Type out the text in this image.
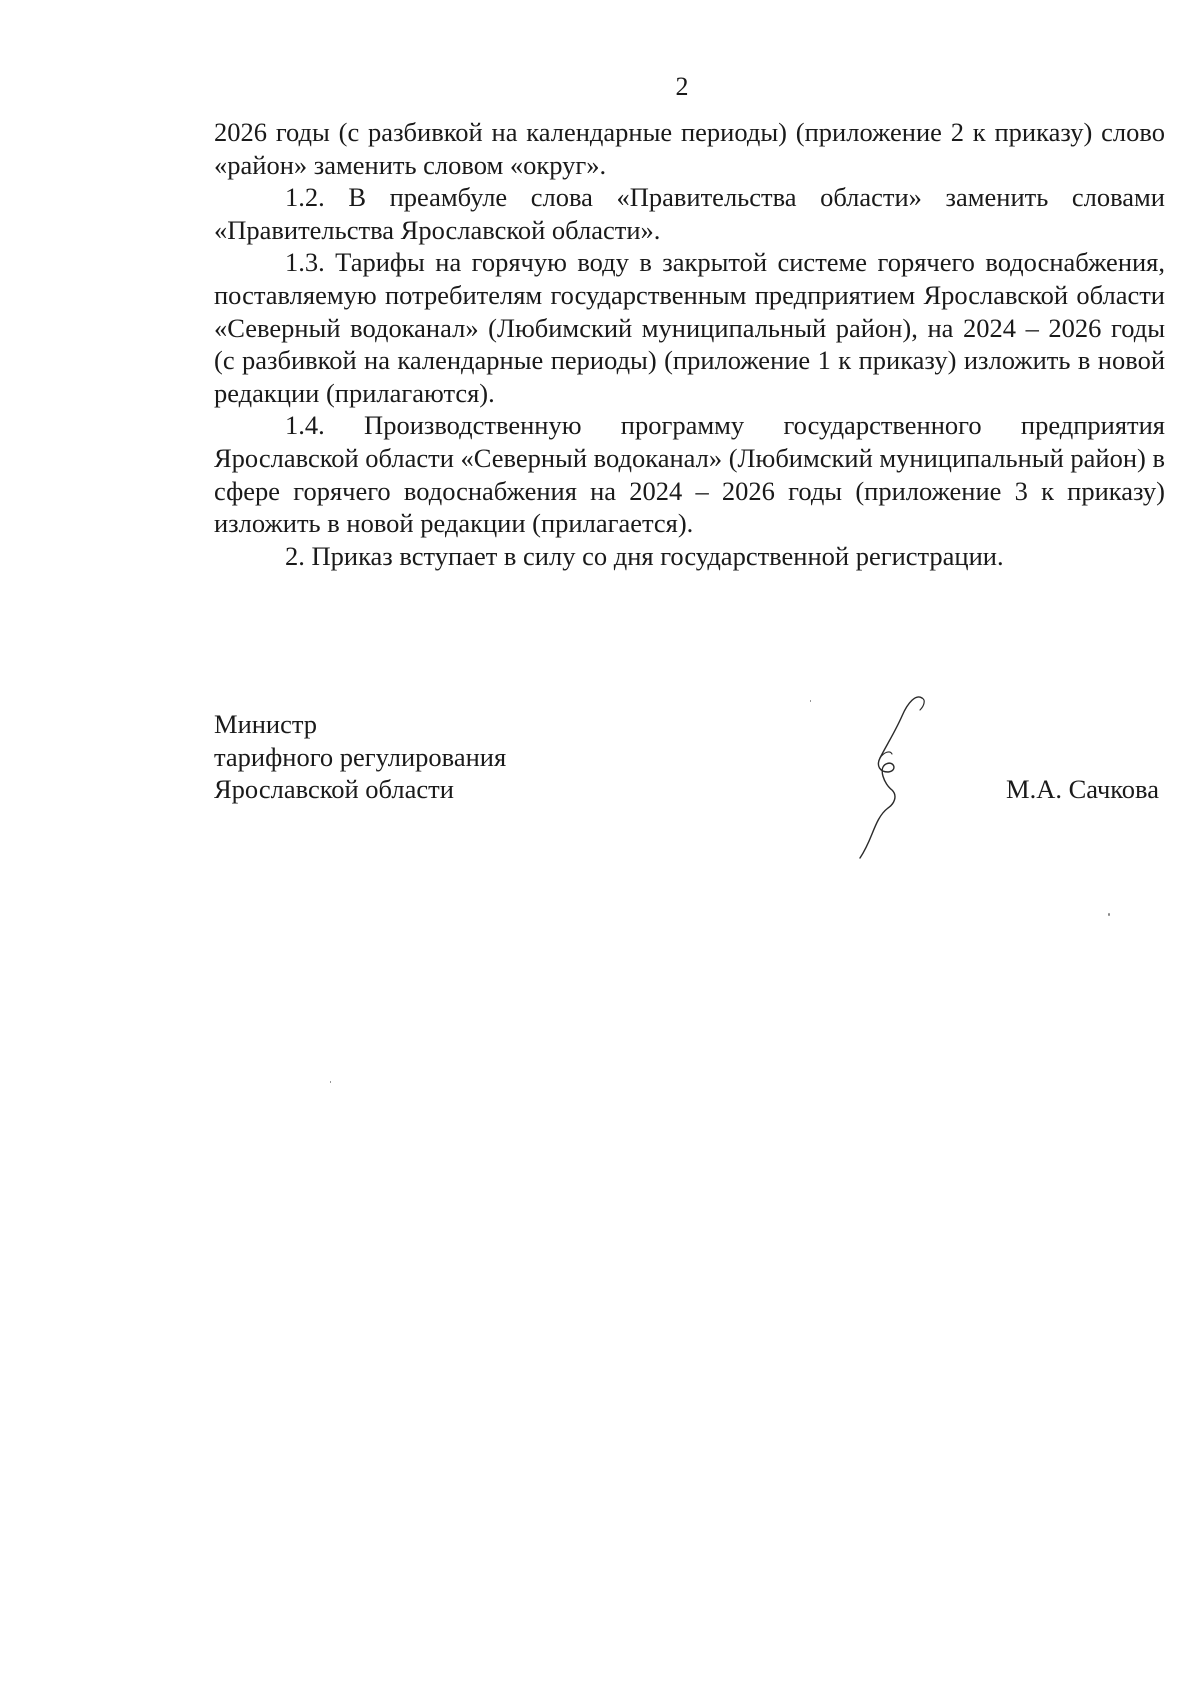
2

2026 годы (с разбивкой на календарные периоды) (приложение 2 к приказу) слово «район» заменить словом «округ».

1.2. В преамбуле слова «Правительства области» заменить словами «Правительства Ярославской области».

1.3. Тарифы на горячую воду в закрытой системе горячего водоснабжения, поставляемую потребителям государственным предприятием Ярославской области «Северный водоканал» (Любимский муниципальный район), на 2024 – 2026 годы (с разбивкой на календарные периоды) (приложение 1 к приказу) изложить в новой редакции (прилагаются).

1.4. Производственную программу государственного предприятия Ярославской области «Северный водоканал» (Любимский муниципальный район) в сфере горячего водоснабжения на 2024 – 2026 годы (приложение 3 к приказу) изложить в новой редакции (прилагается).

2. Приказ вступает в силу со дня государственной регистрации.

Министр
тарифного регулирования
Ярославской области	М.А. Сачкова
